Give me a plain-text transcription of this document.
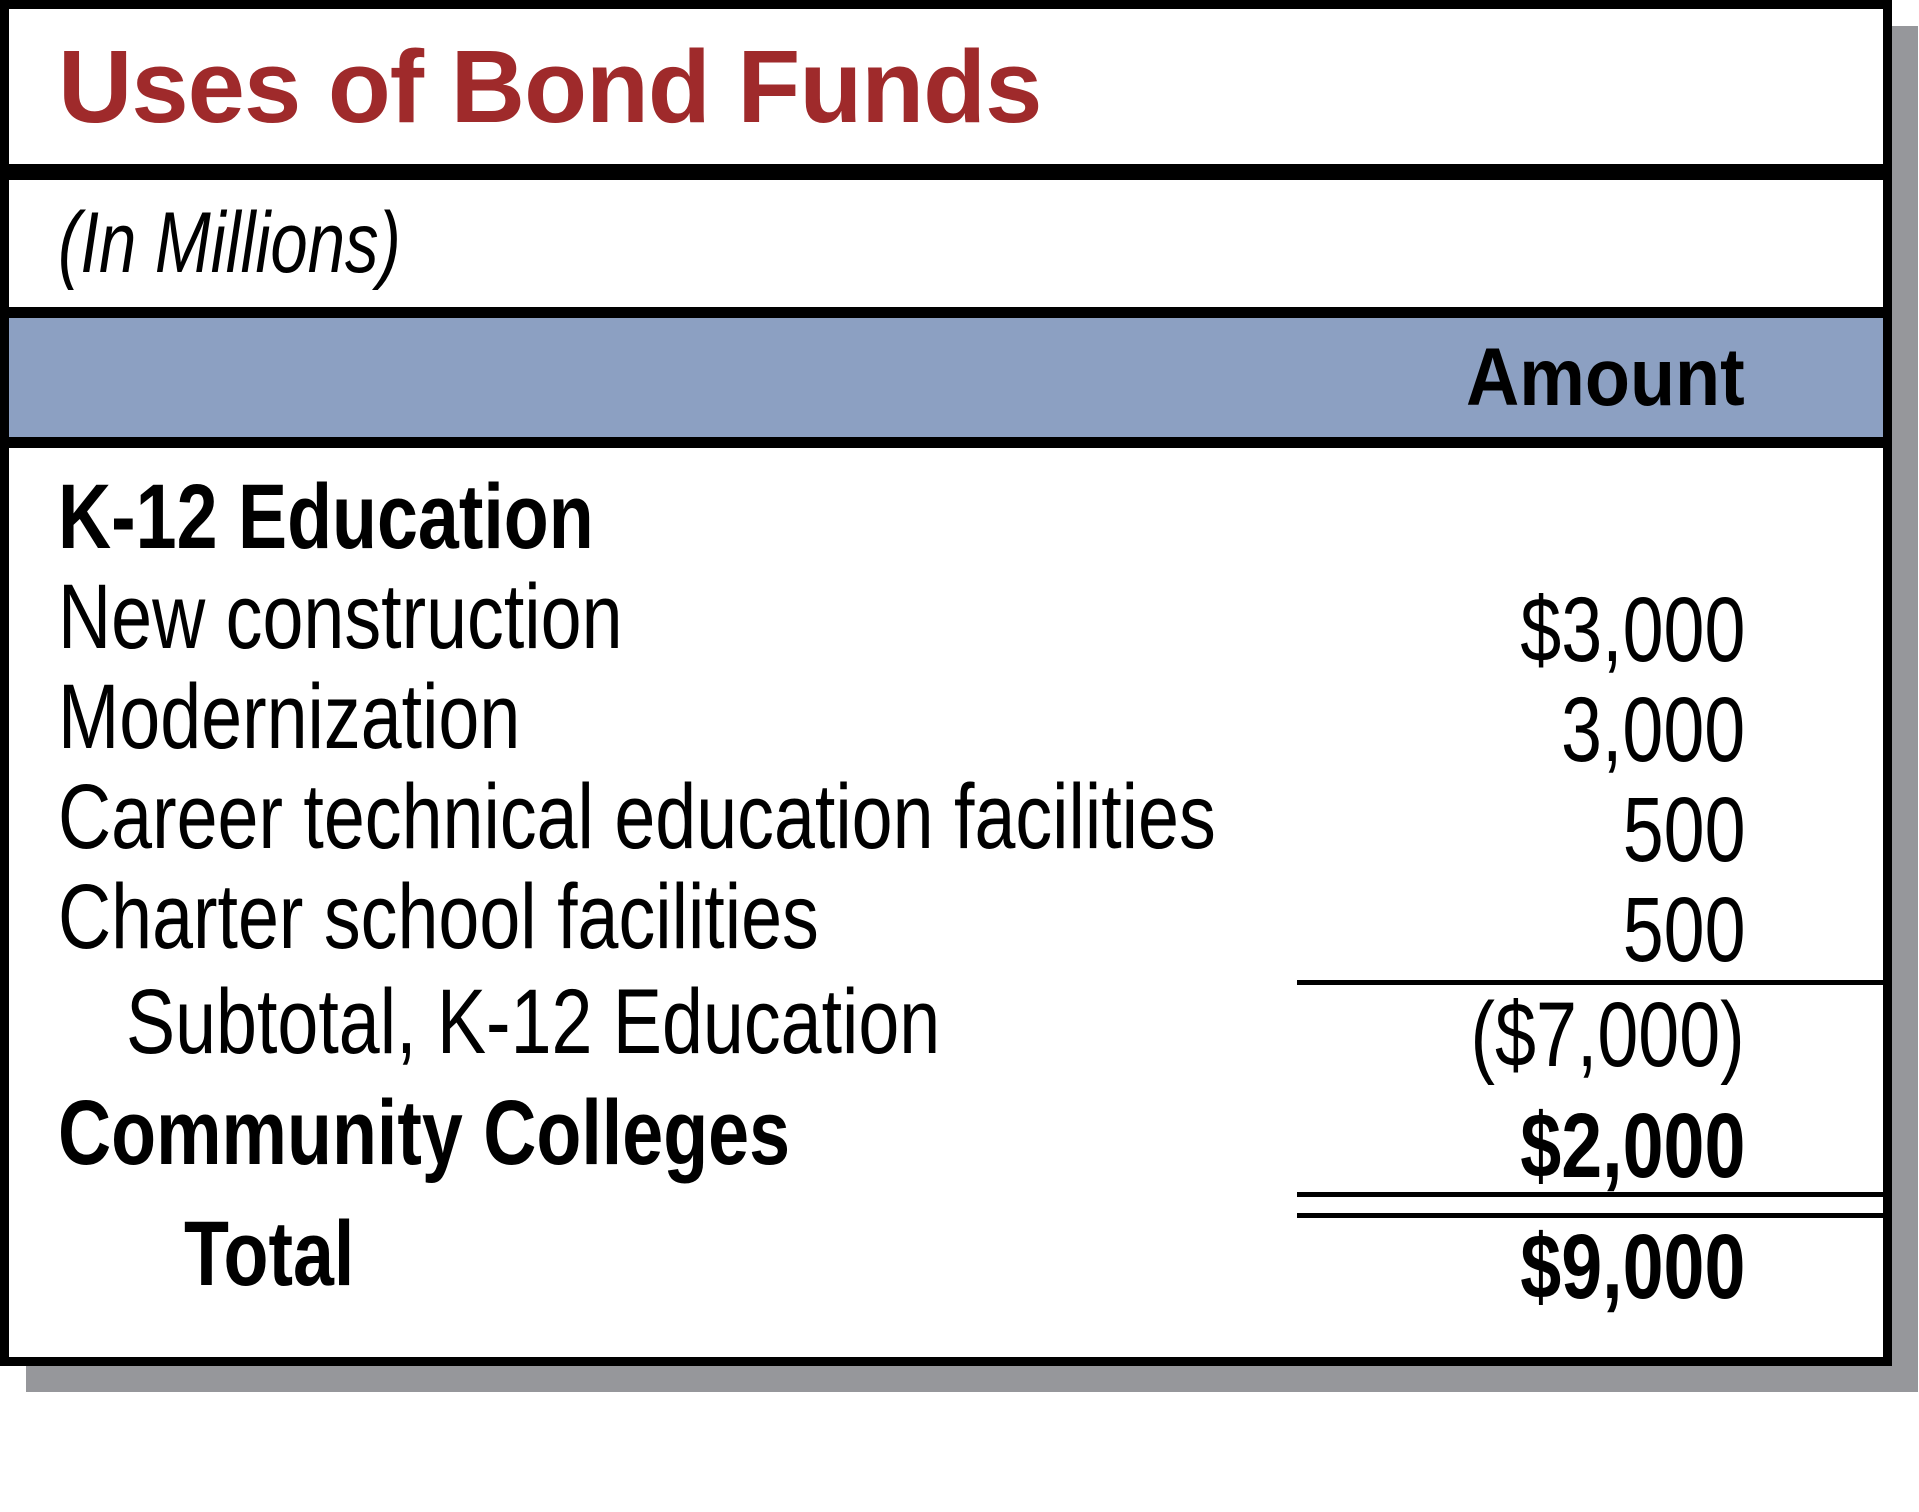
Uses of Bond Funds
(In Millions)
Amount
K-12 Education
New construction	$3,000
Modernization	3,000
Career technical education facilities	500
Charter school facilities	500
Subtotal, K-12 Education	($7,000)
Community Colleges	$2,000
Total	$9,000
